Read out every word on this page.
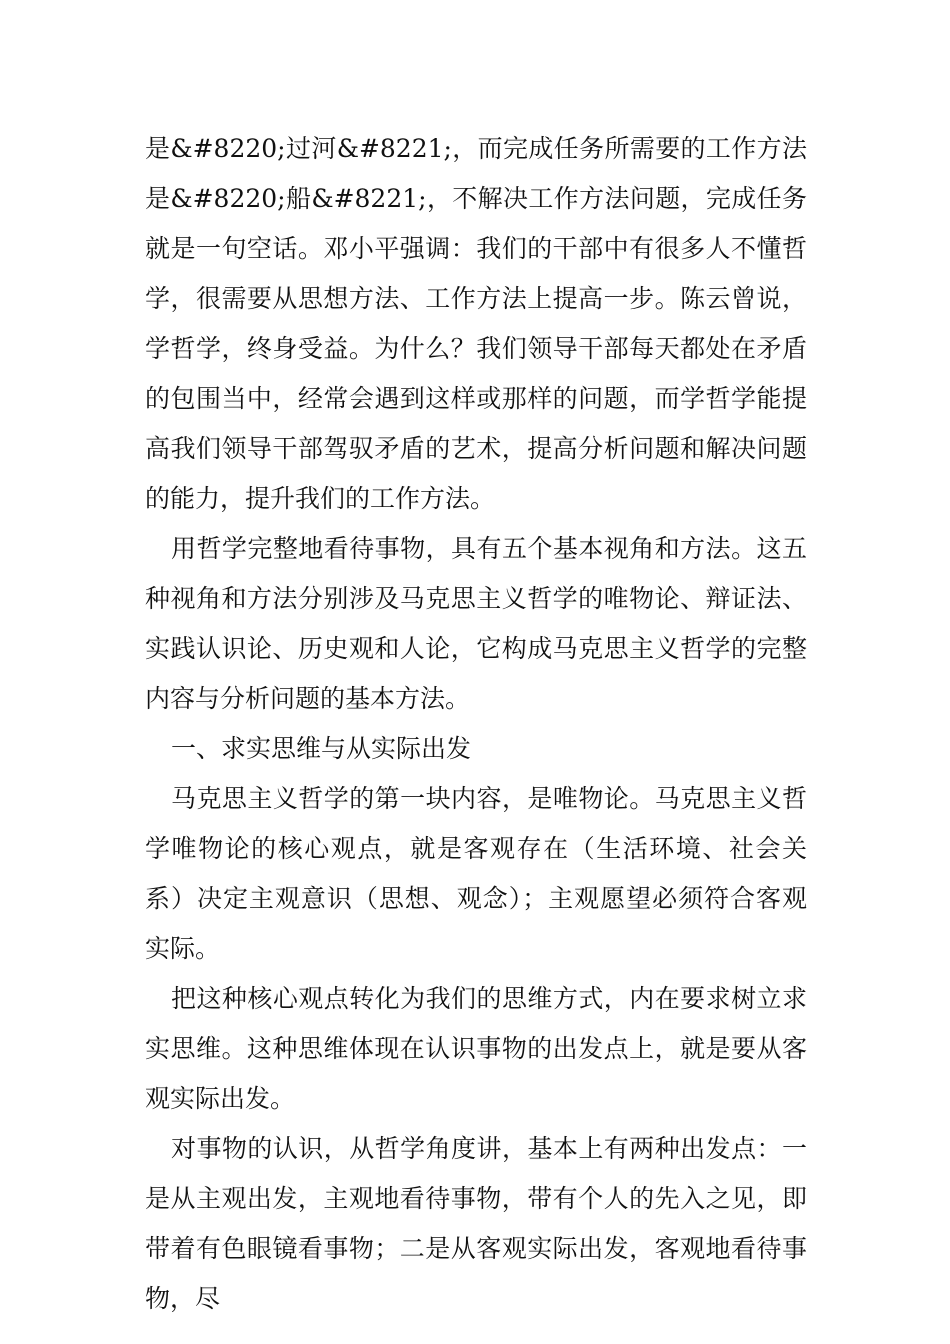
是&#8220;过河&#8221;，而完成任务所需要的工作方法是&#8220;船&#8221;，不解决工作方法问题，完成任务就是一句空话。邓小平强调：我们的干部中有很多人不懂哲学，很需要从思想方法、工作方法上提高一步。陈云曾说，学哲学，终身受益。为什么？我们领导干部每天都处在矛盾的包围当中，经常会遇到这样或那样的问题，而学哲学能提高我们领导干部驾驭矛盾的艺术，提高分析问题和解决问题的能力，提升我们的工作方法。

用哲学完整地看待事物，具有五个基本视角和方法。这五种视角和方法分别涉及马克思主义哲学的唯物论、辩证法、实践认识论、历史观和人论，它构成马克思主义哲学的完整内容与分析问题的基本方法。

一、求实思维与从实际出发

马克思主义哲学的第一块内容，是唯物论。马克思主义哲学唯物论的核心观点，就是客观存在（生活环境、社会关系）决定主观意识（思想、观念）；主观愿望必须符合客观实际。

把这种核心观点转化为我们的思维方式，内在要求树立求实思维。这种思维体现在认识事物的出发点上，就是要从客观实际出发。

对事物的认识，从哲学角度讲，基本上有两种出发点：一是从主观出发，主观地看待事物，带有个人的先入之见，即带着有色眼镜看事物；二是从客观实际出发，客观地看待事物，尽
